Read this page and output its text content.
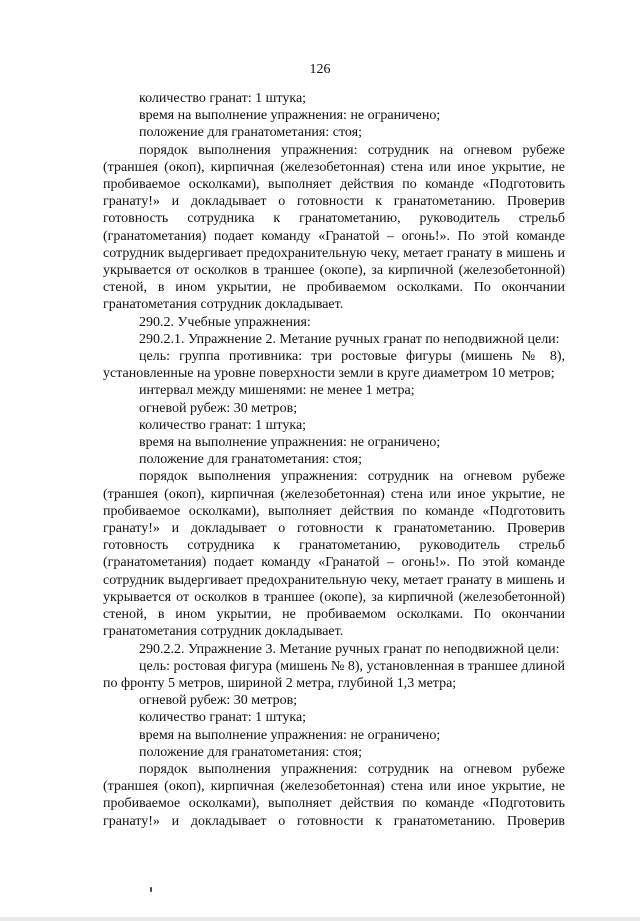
126

количество гранат: 1 штука;

время на выполнение упражнения: не ограничено;

положение для гранатометания: стоя;

порядок выполнения упражнения: сотрудник на огневом рубеже (траншея (окоп), кирпичная (железобетонная) стена или иное укрытие, не пробиваемое осколками), выполняет действия по команде «Подготовить гранату!» и докладывает о готовности к гранатометанию. Проверив готовность сотрудника к гранатометанию, руководитель стрельб (гранатометания) подает команду «Гранатой – огонь!». По этой команде сотрудник выдергивает предохранительную чеку, метает гранату в мишень и укрывается от осколков в траншее (окопе), за кирпичной (железобетонной) стеной, в ином укрытии, не пробиваемом осколками. По окончании гранатометания сотрудник докладывает.

290.2. Учебные упражнения:

290.2.1. Упражнение 2. Метание ручных гранат по неподвижной цели:

цель: группа противника: три ростовые фигуры (мишень № 8), установленные на уровне поверхности земли в круге диаметром 10 метров;

интервал между мишенями: не менее 1 метра;

огневой рубеж: 30 метров;

количество гранат: 1 штука;

время на выполнение упражнения: не ограничено;

положение для гранатометания: стоя;

порядок выполнения упражнения: сотрудник на огневом рубеже (траншея (окоп), кирпичная (железобетонная) стена или иное укрытие, не пробиваемое осколками), выполняет действия по команде «Подготовить гранату!» и докладывает о готовности к гранатометанию. Проверив готовность сотрудника к гранатометанию, руководитель стрельб (гранатометания) подает команду «Гранатой – огонь!». По этой команде сотрудник выдергивает предохранительную чеку, метает гранату в мишень и укрывается от осколков в траншее (окопе), за кирпичной (железобетонной) стеной, в ином укрытии, не пробиваемом осколками. По окончании гранатометания сотрудник докладывает.

290.2.2. Упражнение 3. Метание ручных гранат по неподвижной цели:

цель: ростовая фигура (мишень № 8), установленная в траншее длиной по фронту 5 метров, шириной 2 метра, глубиной 1,3 метра;

огневой рубеж: 30 метров;

количество гранат: 1 штука;

время на выполнение упражнения: не ограничено;

положение для гранатометания: стоя;

порядок выполнения упражнения: сотрудник на огневом рубеже (траншея (окоп), кирпичная (железобетонная) стена или иное укрытие, не пробиваемое осколками), выполняет действия по команде «Подготовить гранату!» и докладывает о готовности к гранатометанию. Проверив
